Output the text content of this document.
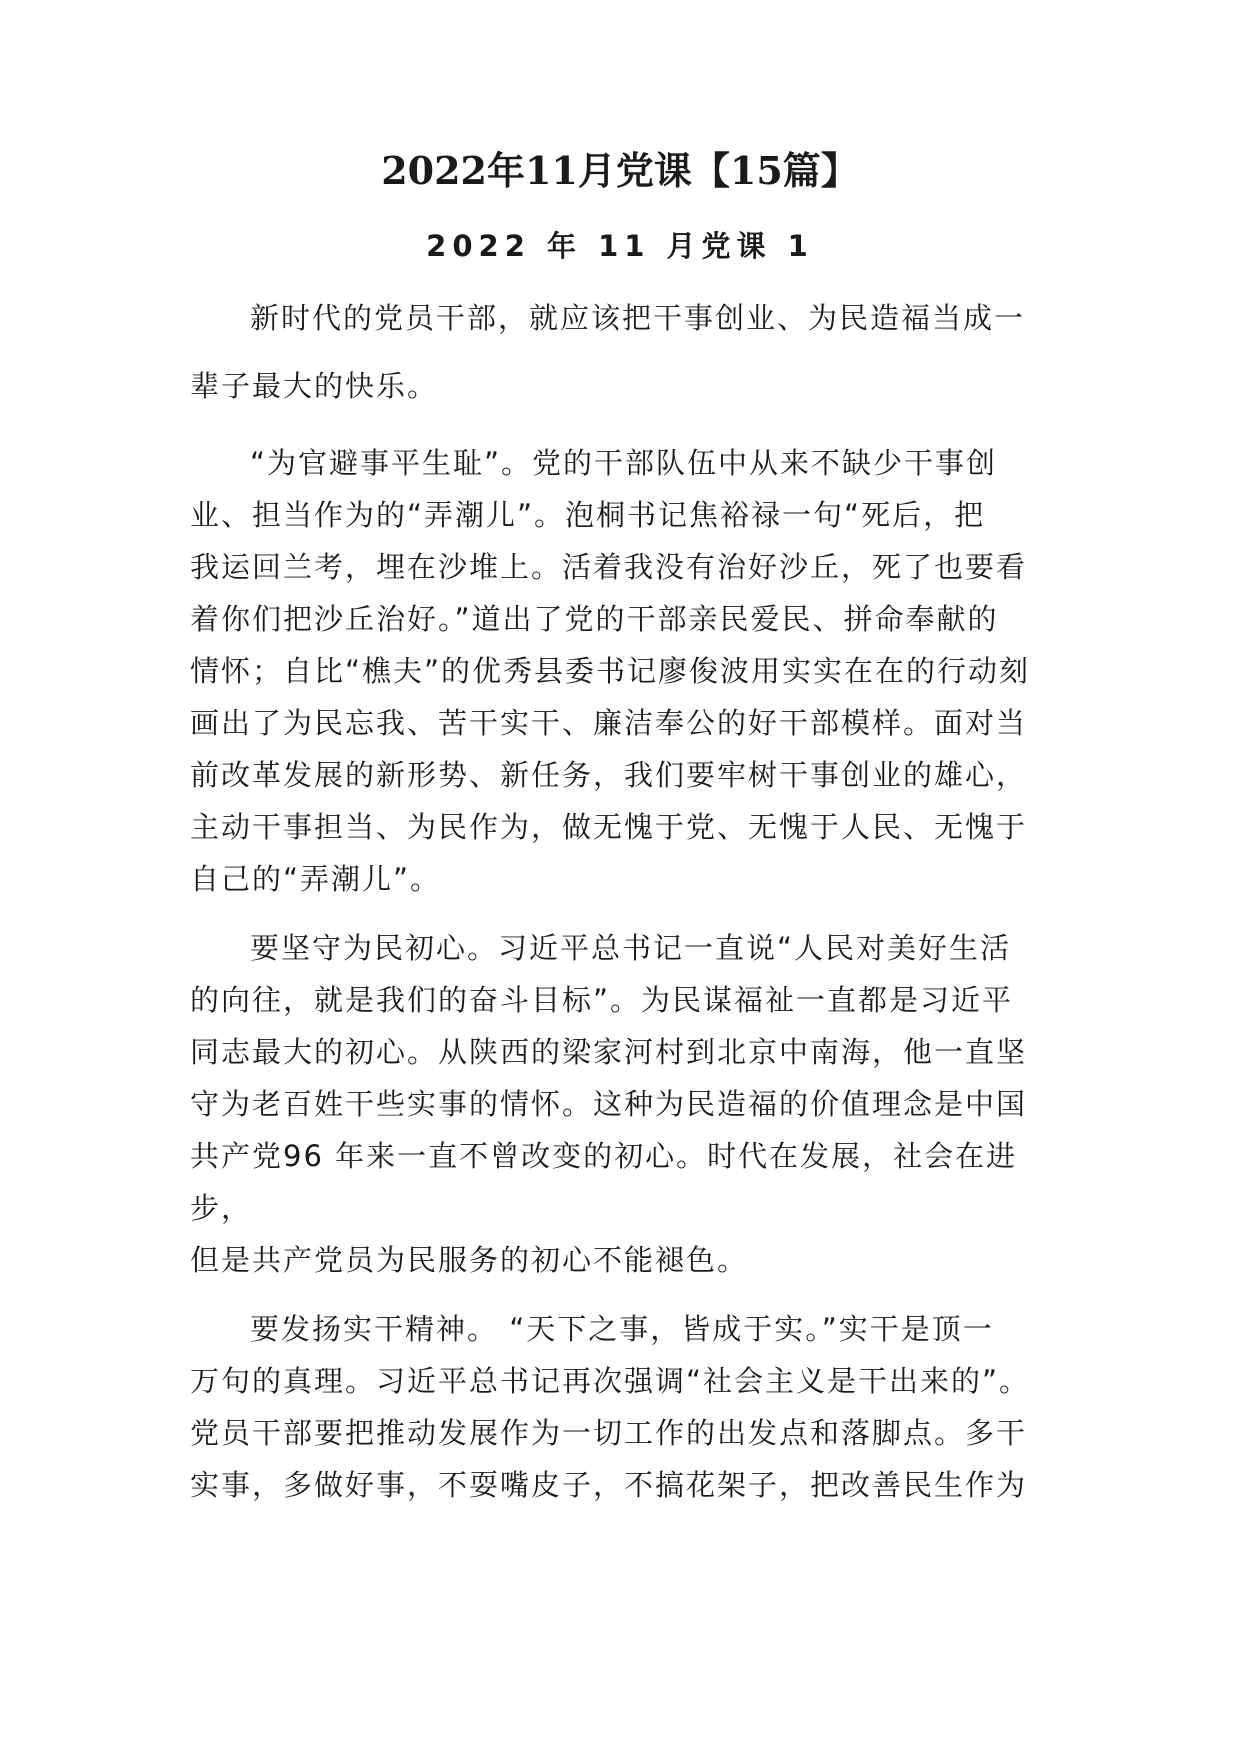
2022年11月党课【15篇】
2022 年 11 月党课 1

新时代的党员干部，就应该把干事创业、为民造福当成一
辈子最大的快乐。

“为官避事平生耻”。党的干部队伍中从来不缺少干事创
业、担当作为的“弄潮儿”。泡桐书记焦裕禄一句“死后，把
我运回兰考，埋在沙堆上。活着我没有治好沙丘，死了也要看
着你们把沙丘治好。”道出了党的干部亲民爱民、拼命奉献的
情怀；自比“樵夫”的优秀县委书记廖俊波用实实在在的行动刻
画出了为民忘我、苦干实干、廉洁奉公的好干部模样。面对当
前改革发展的新形势、新任务，我们要牢树干事创业的雄心，
主动干事担当、为民作为，做无愧于党、无愧于人民、无愧于
自己的“弄潮儿”。

要坚守为民初心。习近平总书记一直说“人民对美好生活
的向往，就是我们的奋斗目标”。为民谋福祉一直都是习近平
同志最大的初心。从陕西的梁家河村到北京中南海，他一直坚
守为老百姓干些实事的情怀。这种为民造福的价值理念是中国
共产党96 年来一直不曾改变的初心。时代在发展，社会在进
步，
但是共产党员为民服务的初心不能褪色。

要发扬实干精神。 “天下之事，皆成于实。”实干是顶一
万句的真理。习近平总书记再次强调“社会主义是干出来的”。
党员干部要把推动发展作为一切工作的出发点和落脚点。多干
实事，多做好事，不耍嘴皮子，不搞花架子，把改善民生作为
